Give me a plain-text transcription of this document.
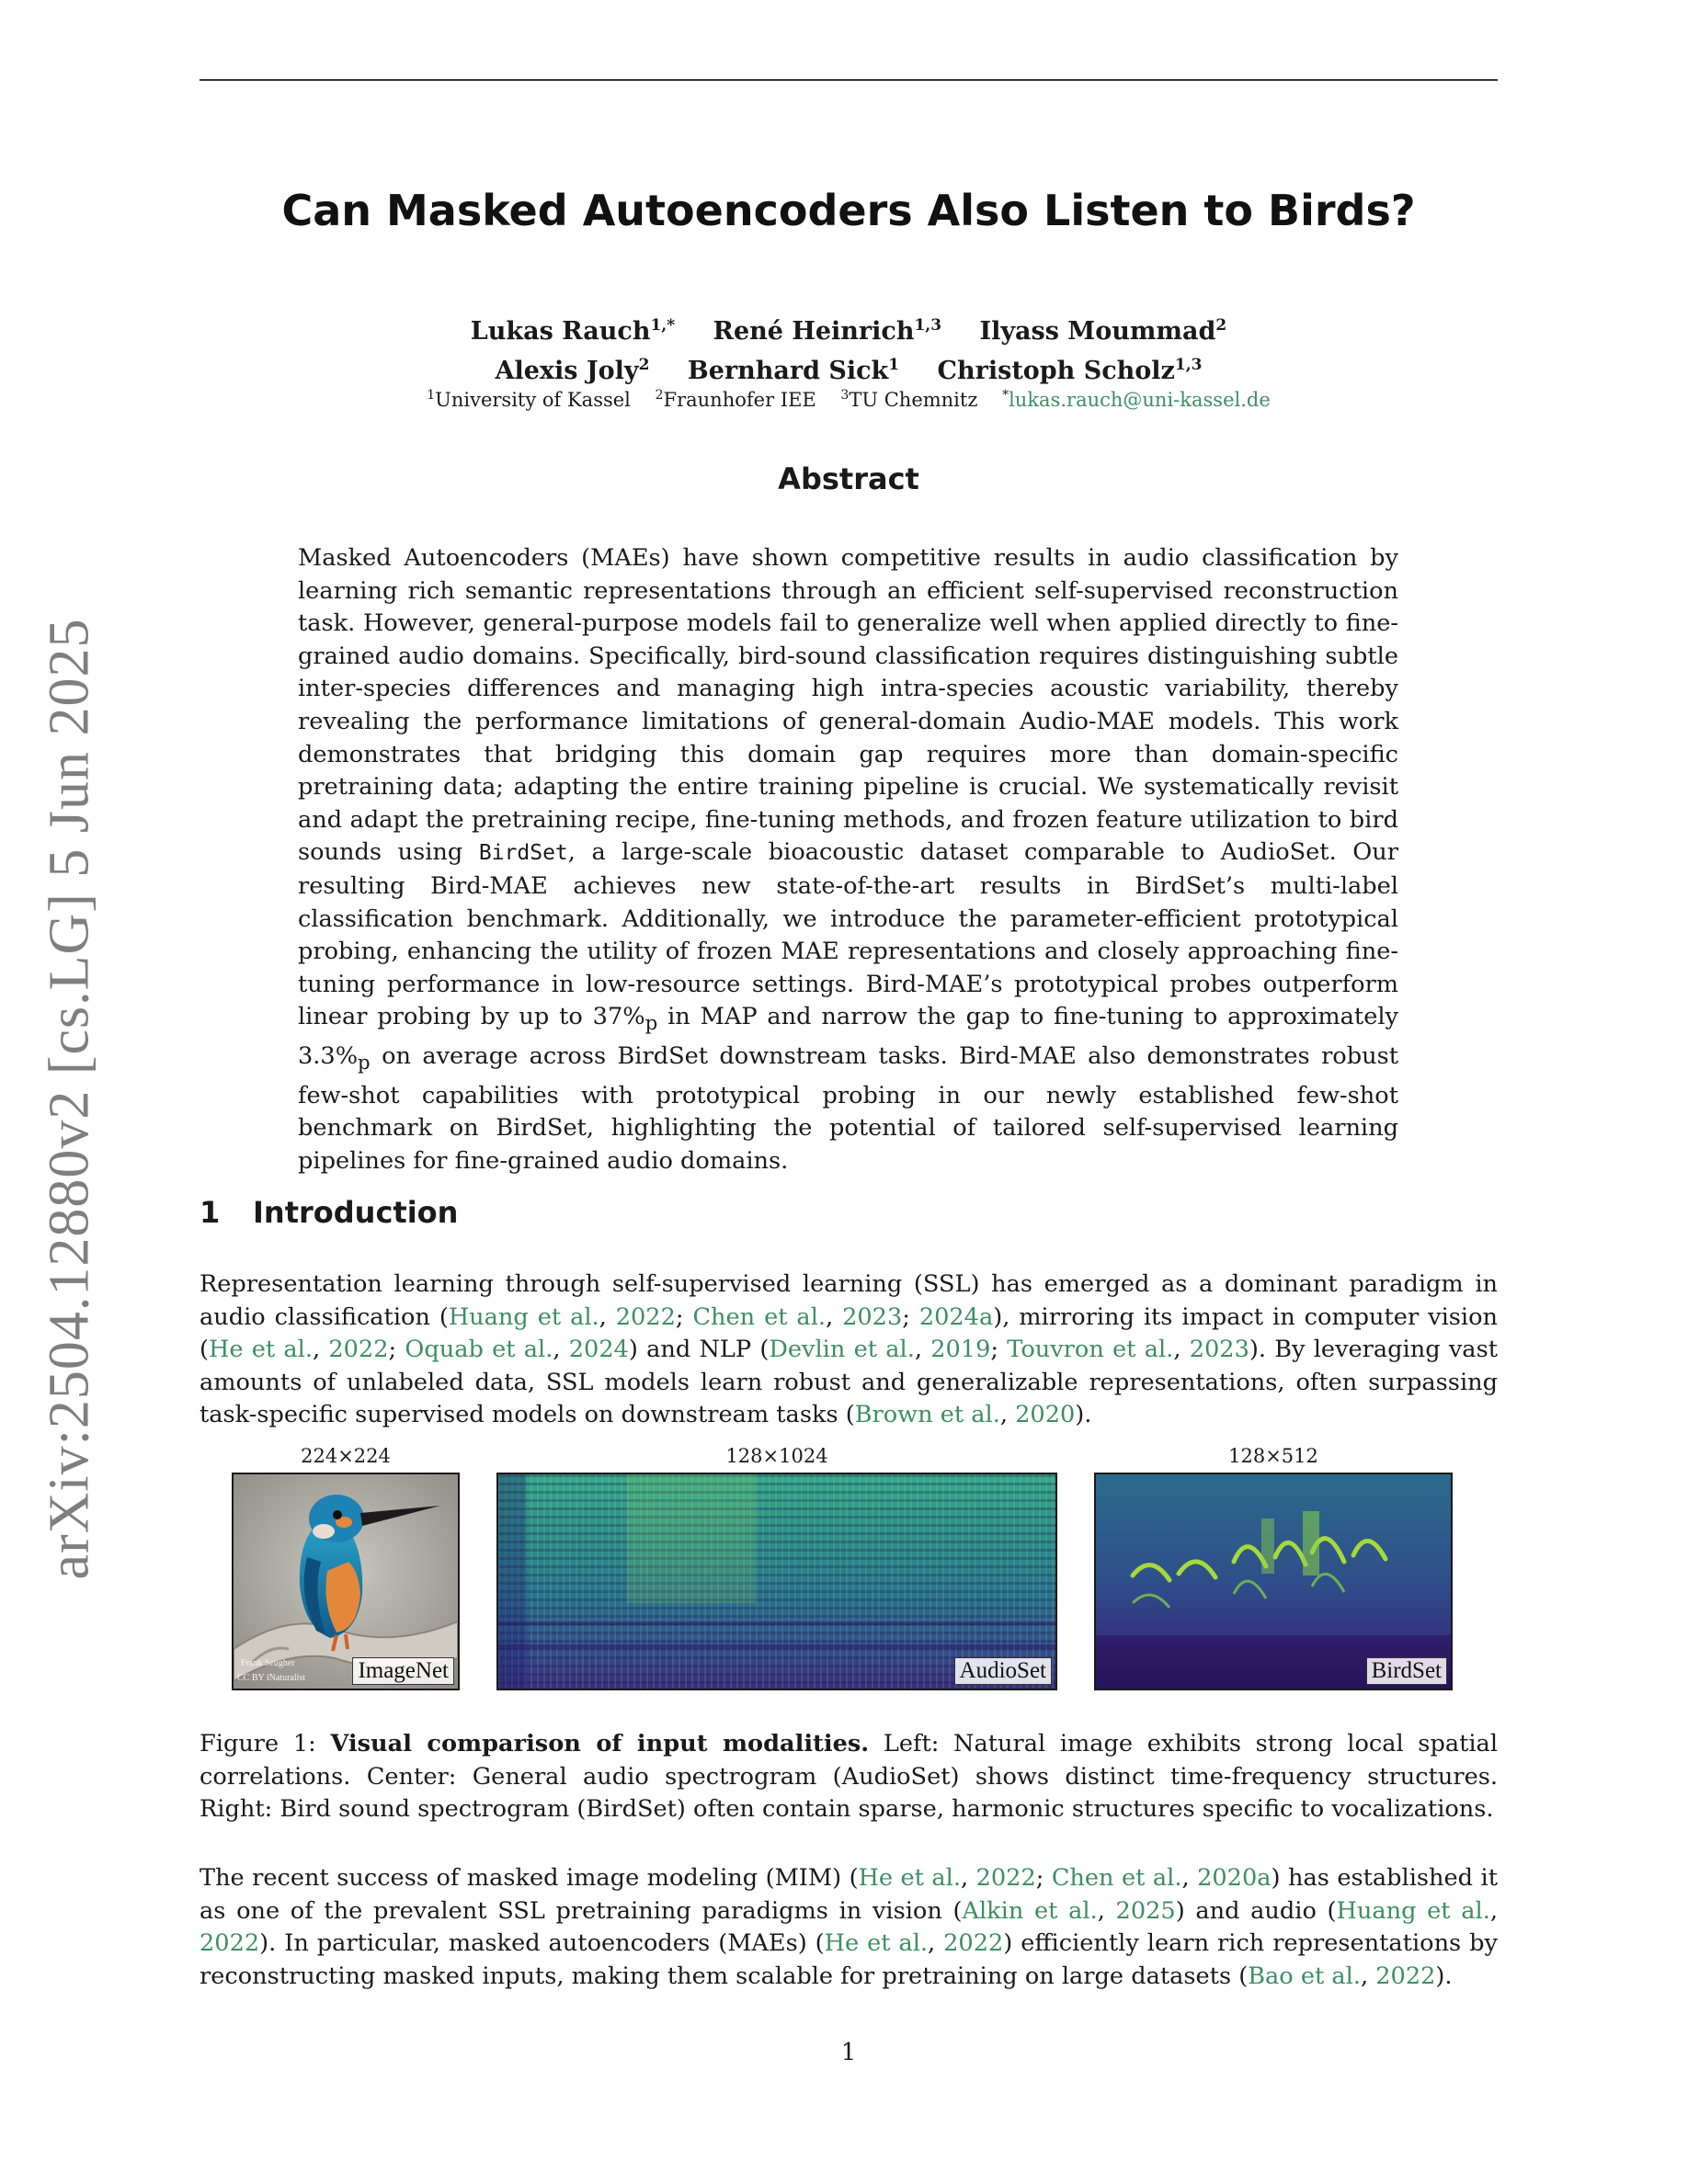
arXiv:2504.12880v2 [cs.LG] 5 Jun 2025
Can Masked Autoencoders Also Listen to Birds?
Lukas Rauch$^{1,*}$ René Heinrich$^{1,3}$ Ilyass Moummad$^2$
Alexis Joly$^2$ Bernhard Sick$^1$ Christoph Scholz$^{1,3}$
$^1$University of Kassel $^2$Fraunhofer IEE $^3$TU Chemnitz *lukas.rauch@uni-kassel.de
Abstract
Masked Autoencoders (MAEs) have shown competitive results in audio classification by learning rich semantic representations through an efficient self-supervised reconstruction task. However, general-purpose models fail to generalize well when applied directly to fine-grained audio domains. Specifically, bird-sound classification requires distinguishing subtle inter-species differences and managing high intra-species acoustic variability, thereby revealing the performance limitations of general-domain Audio-MAE models. This work demonstrates that bridging this domain gap requires more than domain-specific pretraining data; adapting the entire training pipeline is crucial. We systematically revisit and adapt the pretraining recipe, fine-tuning methods, and frozen feature utilization to bird sounds using BirdSet, a large-scale bioacoustic dataset comparable to AudioSet. Our resulting Bird-MAE achieves new state-of-the-art results in BirdSet’s multi-label classification benchmark. Additionally, we introduce the parameter-efficient prototypical probing, enhancing the utility of frozen MAE representations and closely approaching fine-tuning performance in low-resource settings. Bird-MAE’s prototypical probes outperform linear probing by up to $37\%_p$ in MAP and narrow the gap to fine-tuning to approximately $3.3\%_p$ on average across BirdSet downstream tasks. Bird-MAE also demonstrates robust few-shot capabilities with prototypical probing in our newly established few-shot benchmark on BirdSet, highlighting the potential of tailored self-supervised learning pipelines for fine-grained audio domains.
1 Introduction
Representation learning through self-supervised learning (SSL) has emerged as a dominant paradigm in audio classification (Huang et al., 2022; Chen et al., 2023; 2024a), mirroring its impact in computer vision (He et al., 2022; Oquab et al., 2024) and NLP (Devlin et al., 2019; Touvron et al., 2023). By leveraging vast amounts of unlabeled data, SSL models learn robust and generalizable representations, often surpassing task-specific supervised models on downstream tasks (Brown et al., 2020).
224×224	128×1024	128×512
Frank Seugher
CC BY iNaturalist ImageNet	AudioSet	BirdSet
Figure 1: Visual comparison of input modalities. Left: Natural image exhibits strong local spatial correlations. Center: General audio spectrogram (AudioSet) shows distinct time-frequency structures. Right: Bird sound spectrogram (BirdSet) often contain sparse, harmonic structures specific to vocalizations.
The recent success of masked image modeling (MIM) (He et al., 2022; Chen et al., 2020a) has established it as one of the prevalent SSL pretraining paradigms in vision (Alkin et al., 2025) and audio (Huang et al., 2022). In particular, masked autoencoders (MAEs) (He et al., 2022) efficiently learn rich representations by reconstructing masked inputs, making them scalable for pretraining on large datasets (Bao et al., 2022).
1
